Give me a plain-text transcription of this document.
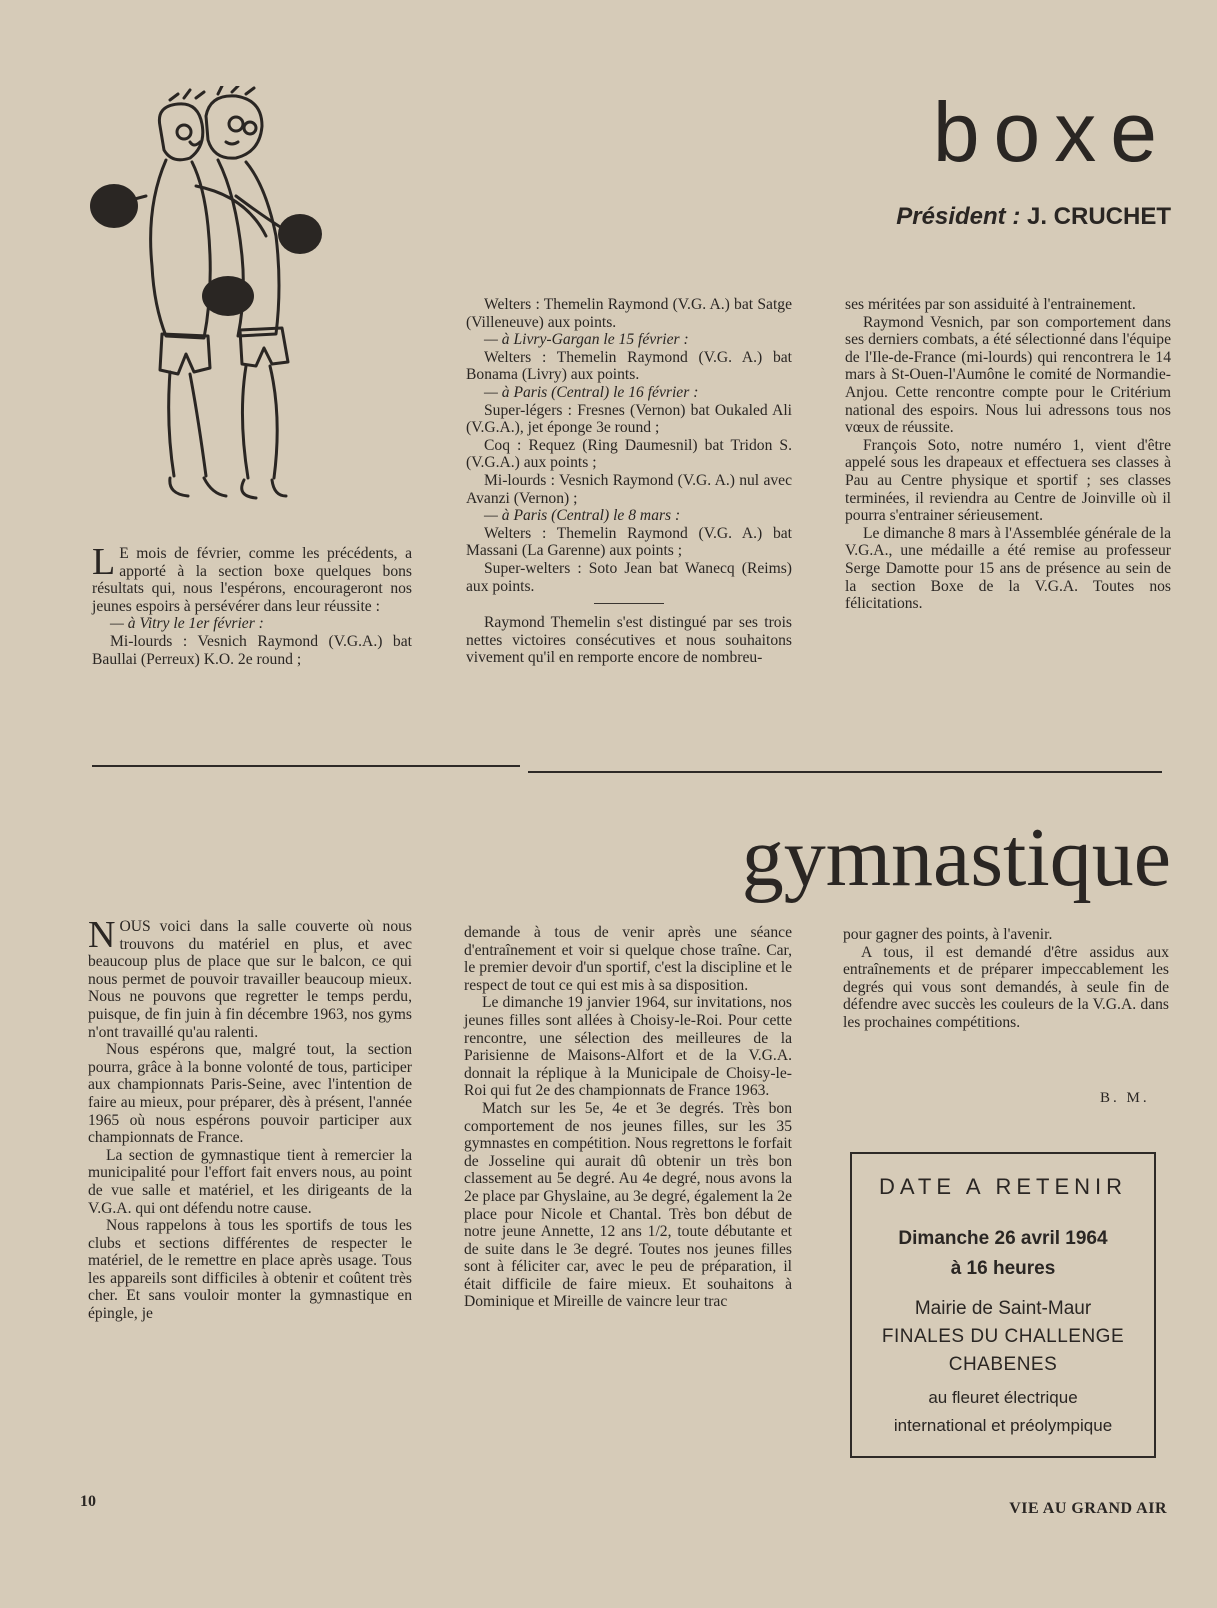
boxe
Président : J. CRUCHET

L E mois de février, comme les précédents, a apporté à la section boxe quelques bons résultats qui, nous l'espérons, encourageront nos jeunes espoirs à persévérer dans leur réussite :

— à Vitry le 1er février :

Mi-lourds : Vesnich Raymond (V.G.A.) bat Baullai (Perreux) K.O. 2e round ;

Welters : Themelin Raymond (V.G. A.) bat Satge (Villeneuve) aux points.

— à Livry-Gargan le 15 février :

Welters : Themelin Raymond (V.G. A.) bat Bonama (Livry) aux points.

— à Paris (Central) le 16 février :

Super-légers : Fresnes (Vernon) bat Oukaled Ali (V.G.A.), jet éponge 3e round ;

Coq : Requez (Ring Daumesnil) bat Tridon S. (V.G.A.) aux points ;

Mi-lourds : Vesnich Raymond (V.G. A.) nul avec Avanzi (Vernon) ;

— à Paris (Central) le 8 mars :

Welters : Themelin Raymond (V.G. A.) bat Massani (La Garenne) aux points ;

Super-welters : Soto Jean bat Wanecq (Reims) aux points.

Raymond Themelin s'est distingué par ses trois nettes victoires consécutives et nous souhaitons vivement qu'il en remporte encore de nombreu-

ses méritées par son assiduité à l'entrainement.

Raymond Vesnich, par son comportement dans ses derniers combats, a été sélectionné dans l'équipe de l'Ile-de-France (mi-lourds) qui rencontrera le 14 mars à St-Ouen-l'Aumône le comité de Normandie-Anjou. Cette rencontre compte pour le Critérium national des espoirs. Nous lui adressons tous nos vœux de réussite.

François Soto, notre numéro 1, vient d'être appelé sous les drapeaux et effectuera ses classes à Pau au Centre physique et sportif ; ses classes terminées, il reviendra au Centre de Joinville où il pourra s'entrainer sérieusement.

Le dimanche 8 mars à l'Assemblée générale de la V.G.A., une médaille a été remise au professeur Serge Damotte pour 15 ans de présence au sein de la section Boxe de la V.G.A. Toutes nos félicitations.

gymnastique

NOUS voici dans la salle couverte où nous trouvons du matériel en plus, et avec beaucoup plus de place que sur le balcon, ce qui nous permet de pouvoir travailler beaucoup mieux. Nous ne pouvons que regretter le temps perdu, puisque, de fin juin à fin décembre 1963, nos gyms n'ont travaillé qu'au ralenti.

Nous espérons que, malgré tout, la section pourra, grâce à la bonne volonté de tous, participer aux championnats Paris-Seine, avec l'intention de faire au mieux, pour préparer, dès à présent, l'année 1965 où nous espérons pouvoir participer aux championnats de France.

La section de gymnastique tient à remercier la municipalité pour l'effort fait envers nous, au point de vue salle et matériel, et les dirigeants de la V.G.A. qui ont défendu notre cause.

Nous rappelons à tous les sportifs de tous les clubs et sections différentes de respecter le matériel, de le remettre en place après usage. Tous les appareils sont difficiles à obtenir et coûtent très cher. Et sans vouloir monter la gymnastique en épingle, je

demande à tous de venir après une séance d'entraînement et voir si quelque chose traîne. Car, le premier devoir d'un sportif, c'est la discipline et le respect de tout ce qui est mis à sa disposition.

Le dimanche 19 janvier 1964, sur invitations, nos jeunes filles sont allées à Choisy-le-Roi. Pour cette rencontre, une sélection des meilleures de la Parisienne de Maisons-Alfort et de la V.G.A. donnait la réplique à la Municipale de Choisy-le-Roi qui fut 2e des championnats de France 1963.

Match sur les 5e, 4e et 3e degrés. Très bon comportement de nos jeunes filles, sur les 35 gymnastes en compétition. Nous regrettons le forfait de Josseline qui aurait dû obtenir un très bon classement au 5e degré. Au 4e degré, nous avons la 2e place par Ghyslaine, au 3e degré, également la 2e place pour Nicole et Chantal. Très bon début de notre jeune Annette, 12 ans 1/2, toute débutante et de suite dans le 3e degré. Toutes nos jeunes filles sont à féliciter car, avec le peu de préparation, il était difficile de faire mieux. Et souhaitons à Dominique et Mireille de vaincre leur trac

pour gagner des points, à l'avenir.

A tous, il est demandé d'être assidus aux entraînements et de préparer impeccablement les degrés qui vous sont demandés, à seule fin de défendre avec succès les couleurs de la V.G.A. dans les prochaines compétitions.

B. M.
DATE A RETENIR
Dimanche 26 avril 1964
à 16 heures
Mairie de Saint-Maur
FINALES DU CHALLENGE
CHABENES
au fleuret électrique
international et préolympique
10	VIE AU GRAND AIR
